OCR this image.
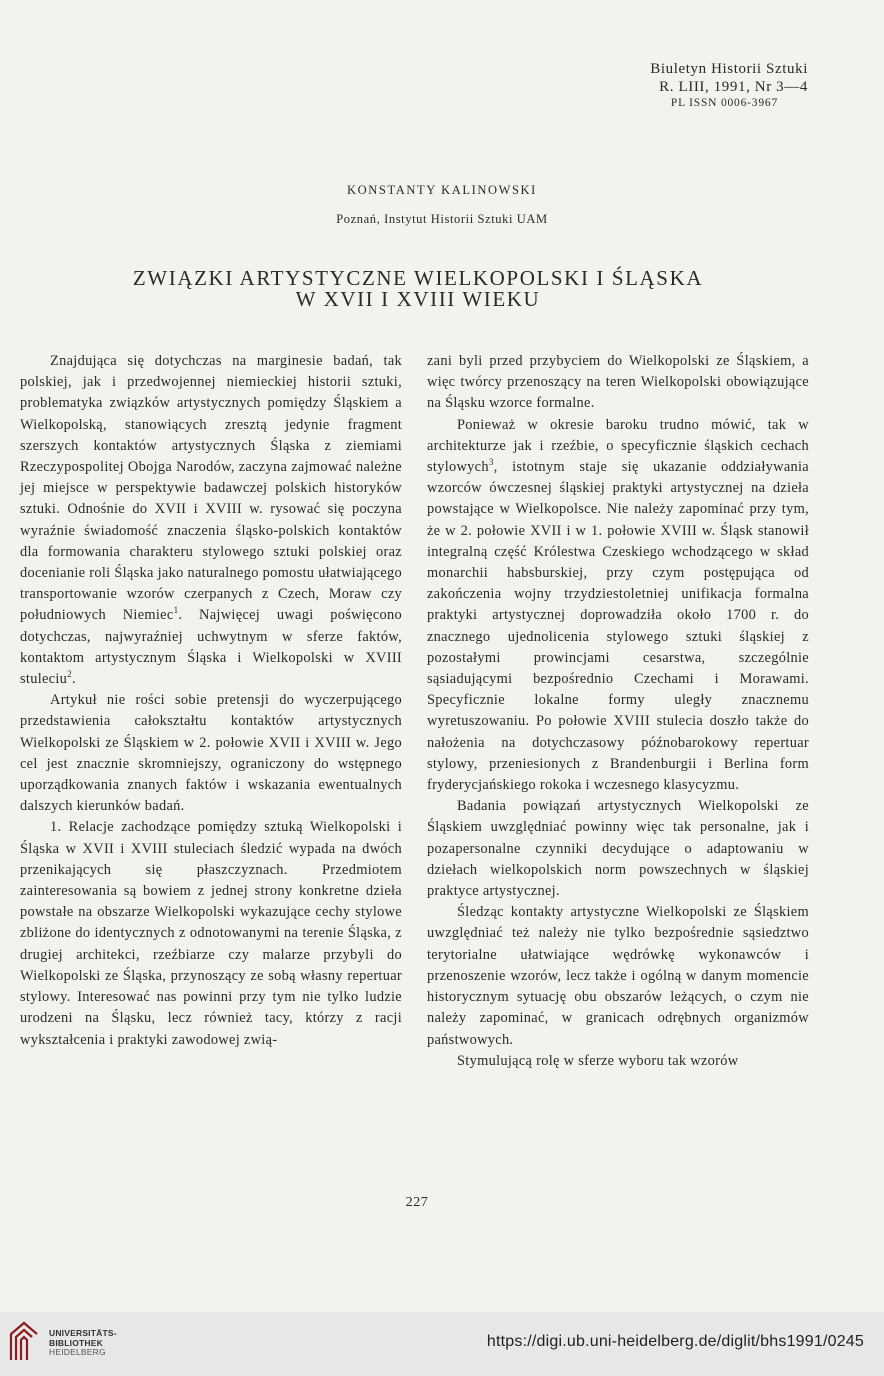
Biuletyn Historii Sztuki
R. LIII, 1991, Nr 3—4
PL ISSN 0006-3967
KONSTANTY KALINOWSKI
Poznań, Instytut Historii Sztuki UAM
ZWIĄZKI ARTYSTYCZNE WIELKOPOLSKI I ŚLĄSKA
W XVII I XVIII WIEKU

Znajdująca się dotychczas na marginesie badań, tak polskiej, jak i przedwojennej niemieckiej historii sztuki, problematyka związków artystycznych pomiędzy Śląskiem a Wielkopolską, stanowiących zresztą jedynie fragment szerszych kontaktów artystycznych Śląska z ziemiami Rzeczypospolitej Obojga Narodów, zaczyna zajmować należne jej miejsce w perspektywie badawczej polskich historyków sztuki. Odnośnie do XVII i XVIII w. rysować się poczyna wyraźnie świadomość znaczenia śląsko-polskich kontaktów dla formowania charakteru stylowego sztuki polskiej oraz docenianie roli Śląska jako naturalnego pomostu ułatwiającego transportowanie wzorów czerpanych z Czech, Moraw czy południowych Niemiec$^1$. Najwięcej uwagi poświęcono dotychczas, najwyraźniej uchwytnym w sferze faktów, kontaktom artystycznym Śląska i Wielkopolski w XVIII stuleciu$^2$.

Artykuł nie rości sobie pretensji do wyczerpującego przedstawienia całokształtu kontaktów artystycznych Wielkopolski ze Śląskiem w 2. połowie XVII i XVIII w. Jego cel jest znacznie skromniejszy, ograniczony do wstępnego uporządkowania znanych faktów i wskazania ewentualnych dalszych kierunków badań.

1. Relacje zachodzące pomiędzy sztuką Wielkopolski i Śląska w XVII i XVIII stuleciach śledzić wypada na dwóch przenikających się płaszczyznach. Przedmiotem zainteresowania są bowiem z jednej strony konkretne dzieła powstałe na obszarze Wielkopolski wykazujące cechy stylowe zbliżone do identycznych z odnotowanymi na terenie Śląska, z drugiej architekci, rzeźbiarze czy malarze przybyli do Wielkopolski ze Śląska, przynoszący ze sobą własny repertuar stylowy. Interesować nas powinni przy tym nie tylko ludzie urodzeni na Śląsku, lecz również tacy, którzy z racji wykształcenia i praktyki zawodowej zwią-

zani byli przed przybyciem do Wielkopolski ze Śląskiem, a więc twórcy przenoszący na teren Wielkopolski obowiązujące na Śląsku wzorce formalne.

Ponieważ w okresie baroku trudno mówić, tak w architekturze jak i rzeźbie, o specyficznie śląskich cechach stylowych$^3$, istotnym staje się ukazanie oddziaływania wzorców ówczesnej śląskiej praktyki artystycznej na dzieła powstające w Wielkopolsce. Nie należy zapominać przy tym, że w 2. połowie XVII i w 1. połowie XVIII w. Śląsk stanowił integralną część Królestwa Czeskiego wchodzącego w skład monarchii habsburskiej, przy czym postępująca od zakończenia wojny trzydziestoletniej unifikacja formalna praktyki artystycznej doprowadziła około 1700 r. do znacznego ujednolicenia stylowego sztuki śląskiej z pozostałymi prowincjami cesarstwa, szczególnie sąsiadującymi bezpośrednio Czechami i Morawami. Specyficznie lokalne formy uległy znacznemu wyretuszowaniu. Po połowie XVIII stulecia doszło także do nałożenia na dotychczasowy późnobarokowy repertuar stylowy, przeniesionych z Brandenburgii i Berlina form fryderycjańskiego rokoka i wczesnego klasycyzmu.

Badania powiązań artystycznych Wielkopolski ze Śląskiem uwzględniać powinny więc tak personalne, jak i pozapersonalne czynniki decydujące o adaptowaniu w dziełach wielkopolskich norm powszechnych w śląskiej praktyce artystycznej.

Śledząc kontakty artystyczne Wielkopolski ze Śląskiem uwzględniać też należy nie tylko bezpośrednie sąsiedztwo terytorialne ułatwiające wędrówkę wykonawców i przenoszenie wzorów, lecz także i ogólną w danym momencie historycznym sytuację obu obszarów leżących, o czym nie należy zapominać, w granicach odrębnych organizmów państwowych.

Stymulującą rolę w sferze wyboru tak wzorów

227
UNIVERSITÄTS-
BIBLIOTHEK
HEIDELBERG
https://digi.ub.uni-heidelberg.de/diglit/bhs1991/0245
